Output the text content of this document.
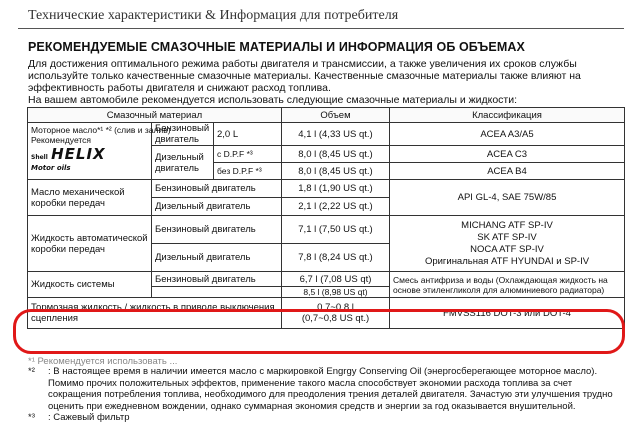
Технические характеристики & Информация для потребителя
РЕКОМЕНДУЕМЫЕ СМАЗОЧНЫЕ МАТЕРИАЛЫ И ИНФОРМАЦИЯ ОБ ОБЪЕМАХ
Для достижения оптимального режима работы двигателя и трансмиссии, а также увеличения их сроков службы
используйте только качественные смазочные материалы. Качественные смазочные материалы также влияют на
эффективность работы двигателя и снижают расход топлива.
На вашем автомобиле рекомендуется использовать следующие смазочные материалы и жидкости:
Смазочный материал			Объем	Классификация

Моторное масло*¹ *² (слив и залив)
Рекомендуется
Shell HELIX
Motor oils	Бензиновый двигатель	2,0 L	4,1 l (4,33 US qt.)	ACEA A3/A5
	Дизельный двигатель	с D.P.F *³	8,0 l (8,45 US qt.)	ACEA C3
		без D.P.F *³	8,0 l (8,45 US qt.)	ACEA B4
Масло механической коробки передач	Бензиновый двигатель		1,8 l (1,90 US qt.)	API GL-4, SAE 75W/85
	Дизельный двигатель		2,1 l (2,22 US qt.)	
Жидкость автоматической коробки передач	Бензиновый двигатель		7,1 l (7,50 US qt.)	MICHANG ATF SP-IV
SK ATF SP-IV
NOCA ATF SP-IV
Оригинальная ATF HYUNDAI и SP-IV

	Дизельный двигатель		7,8 l (8,24 US qt.)	
Жидкость системы	Бензиновый двигатель		6,7 l (7,08 US qt)	Смесь антифриза и воды (Охлаждающая жидкость на
основе этиленгликоля для алюминиевого радиатора)

			8,5 l (8,98 US qt)	
Тормозная жидкость / жидкость в приводе выключения сцепления			0,7~0,8 l
(0,7~0,8 US qt.)	FMVSS116 DOT-3 или DOT-4
*¹ Рекомендуется использовать ...
*²	: В настоящее время в наличии имеется масло с маркировкой Engrgy Conserving Oil (энергосберегающее моторное масло). Помимо прочих положительных эффектов, применение такого масла способствует экономии расхода топлива за счет сокращения потребления топлива, необходимого для преодоления трения деталей двигателя. Зачастую эти улучшения трудно оценить при ежедневном вождении, однако суммарная экономия средств и энергии за год оказывается внушительной.
*³	: Сажевый фильтр
